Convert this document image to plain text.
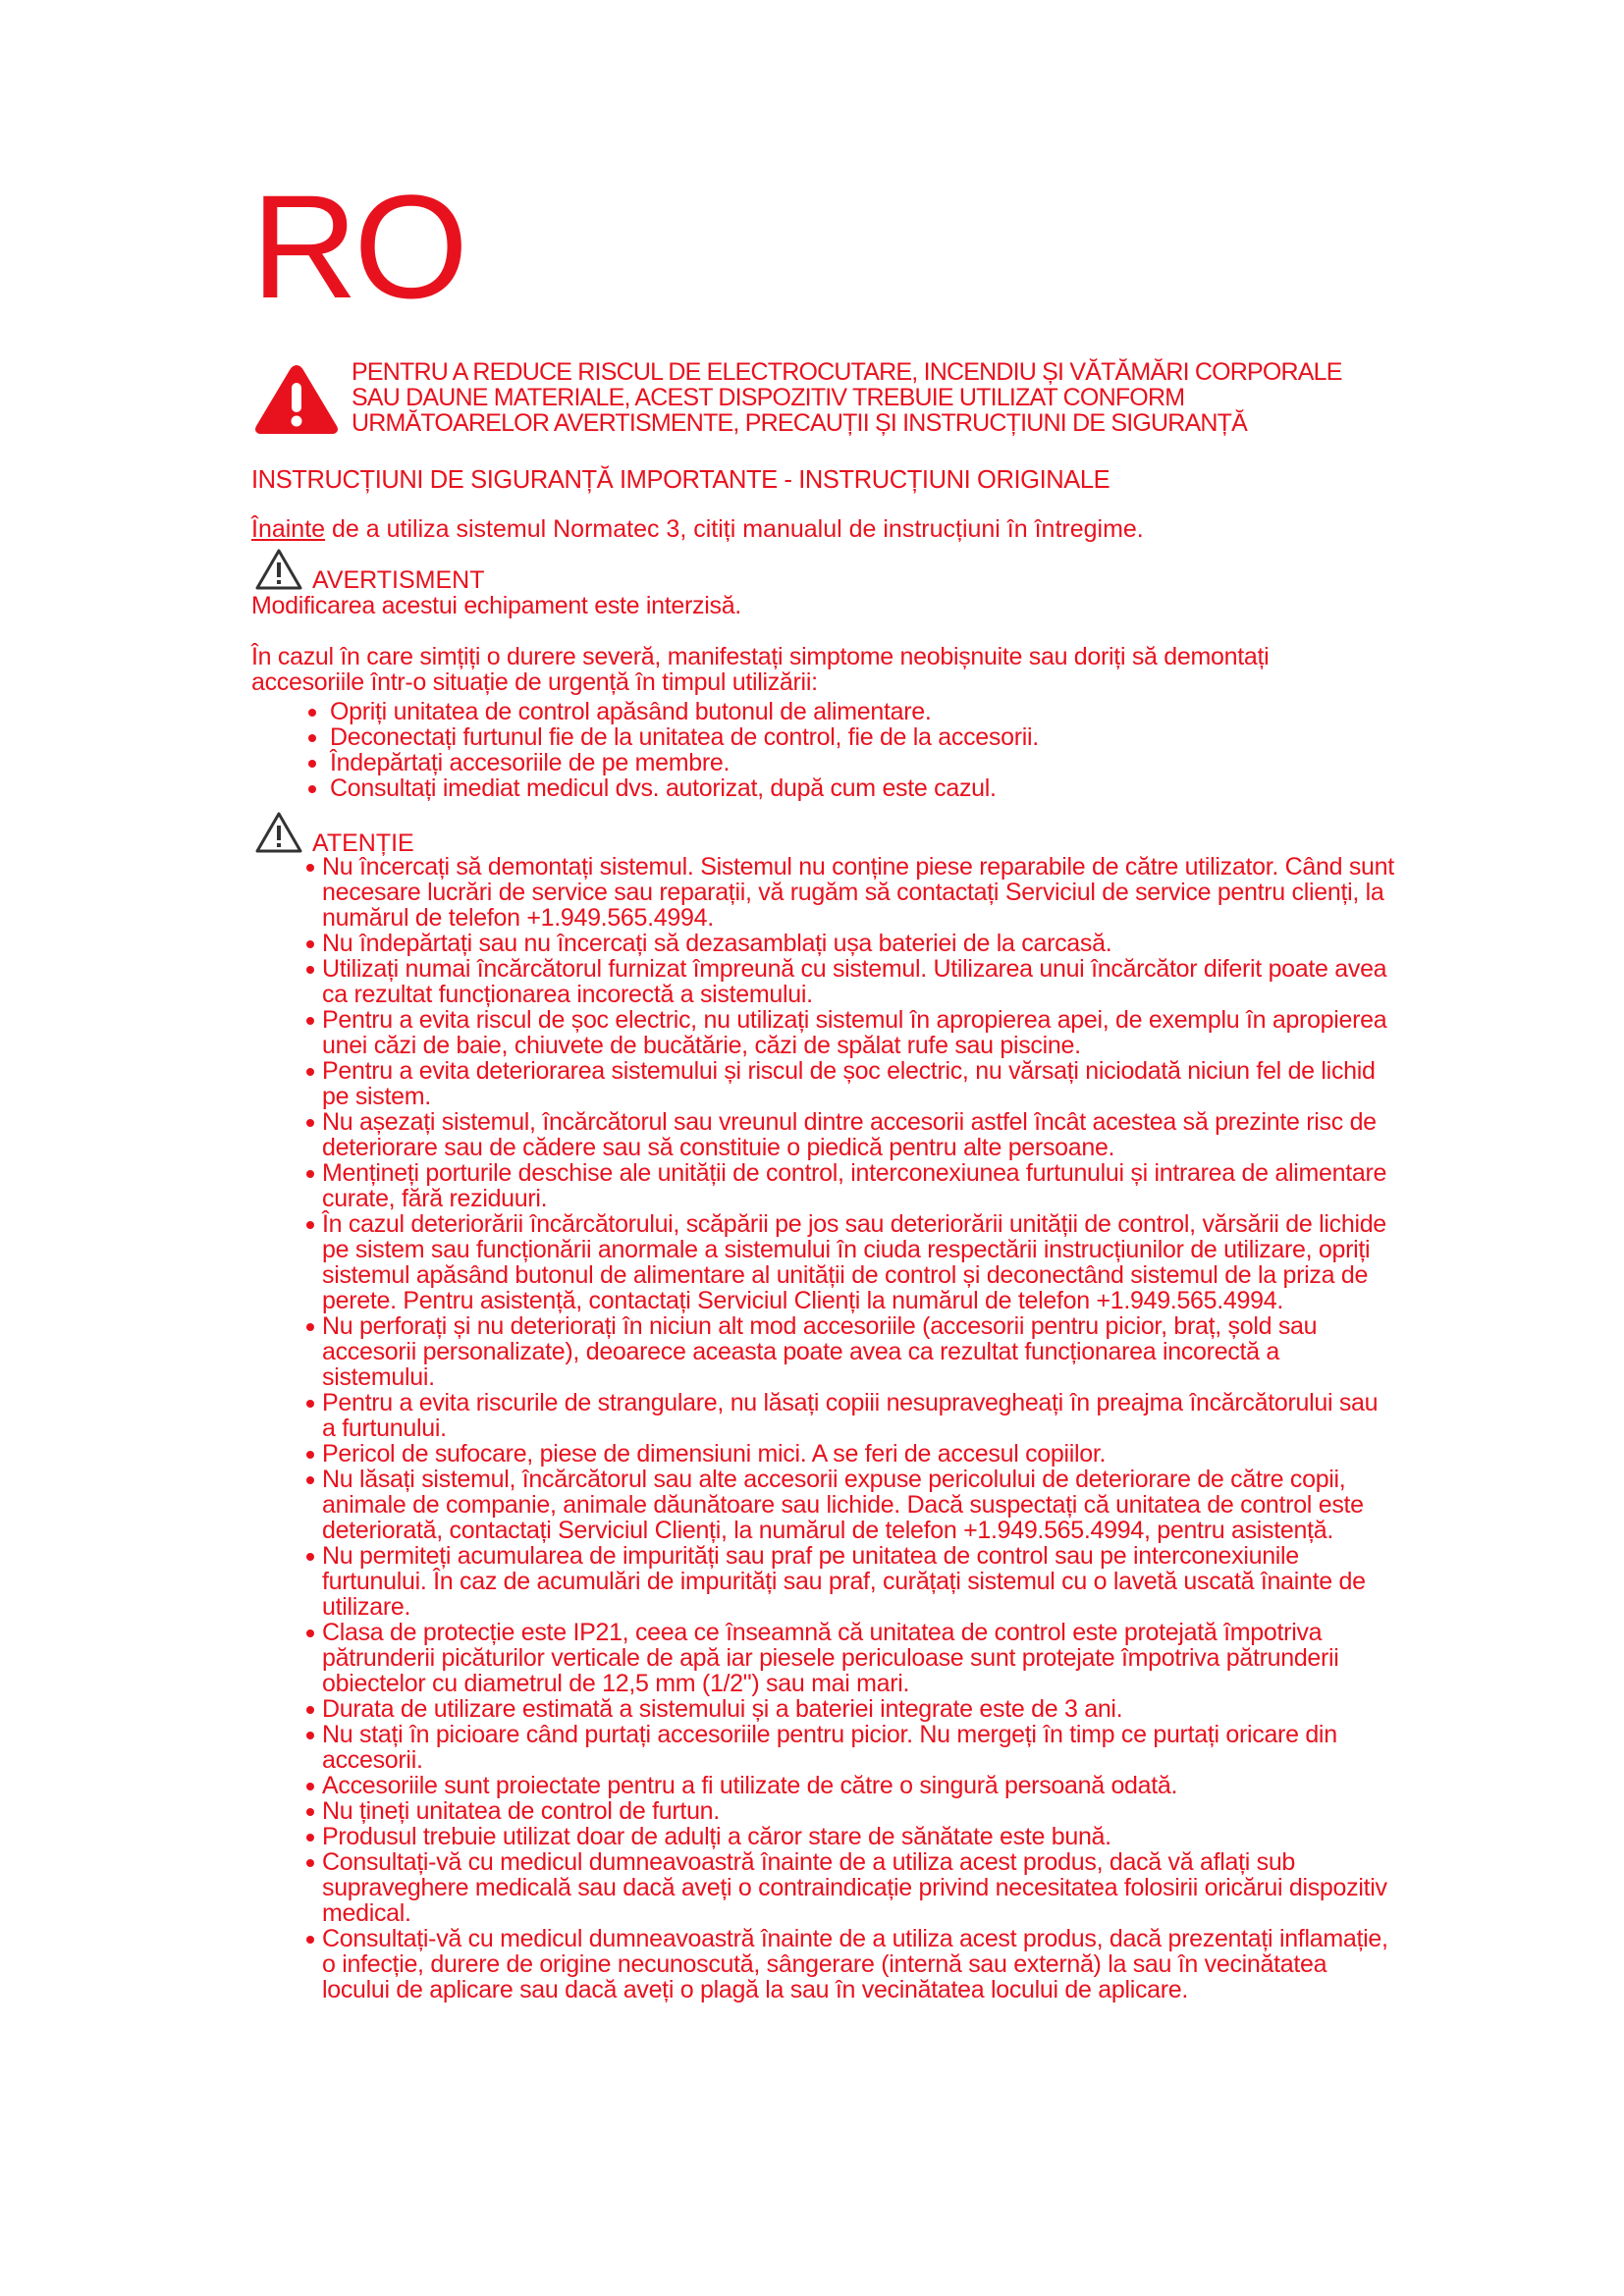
RO
PENTRU A REDUCE RISCUL DE ELECTROCUTARE, INCENDIU ȘI VĂTĂMĂRI CORPORALE
SAU DAUNE MATERIALE, ACEST DISPOZITIV TREBUIE UTILIZAT CONFORM
URMĂTOARELOR AVERTISMENTE, PRECAUȚII ȘI INSTRUCȚIUNI DE SIGURANȚĂ
INSTRUCȚIUNI DE SIGURANȚĂ IMPORTANTE - INSTRUCȚIUNI ORIGINALE
Înainte de a utiliza sistemul Normatec 3, citiți manualul de instrucțiuni în întregime.
AVERTISMENT
Modificarea acestui echipament este interzisă.
În cazul în care simțiți o durere severă, manifestați simptome neobișnuite sau doriți să demontați accesoriile într-o situație de urgență în timpul utilizării:
Opriți unitatea de control apăsând butonul de alimentare.
Deconectați furtunul fie de la unitatea de control, fie de la accesorii.
Îndepărtați accesoriile de pe membre.
Consultați imediat medicul dvs. autorizat, după cum este cazul.
ATENȚIE
Nu încercați să demontați sistemul. Sistemul nu conține piese reparabile de către utilizator. Când sunt necesare lucrări de service sau reparații, vă rugăm să contactați Serviciul de service pentru clienți, la numărul de telefon +1.949.565.4994.
Nu îndepărtați sau nu încercați să dezasamblați ușa bateriei de la carcasă.
Utilizați numai încărcătorul furnizat împreună cu sistemul. Utilizarea unui încărcător diferit poate avea ca rezultat funcționarea incorectă a sistemului.
Pentru a evita riscul de șoc electric, nu utilizați sistemul în apropierea apei, de exemplu în apropierea unei căzi de baie, chiuvete de bucătărie, căzi de spălat rufe sau piscine.
Pentru a evita deteriorarea sistemului și riscul de șoc electric, nu vărsați niciodată niciun fel de lichid pe sistem.
Nu așezați sistemul, încărcătorul sau vreunul dintre accesorii astfel încât acestea să prezinte risc de deteriorare sau de cădere sau să constituie o piedică pentru alte persoane.
Mențineți porturile deschise ale unității de control, interconexiunea furtunului și intrarea de alimentare curate, fără reziduuri.
În cazul deteriorării încărcătorului, scăpării pe jos sau deteriorării unității de control, vărsării de lichide pe sistem sau funcționării anormale a sistemului în ciuda respectării instrucțiunilor de utilizare, opriți sistemul apăsând butonul de alimentare al unității de control și deconectând sistemul de la priza de perete. Pentru asistență, contactați Serviciul Clienți la numărul de telefon +1.949.565.4994.
Nu perforați și nu deteriorați în niciun alt mod accesoriile (accesorii pentru picior, braț, șold sau accesorii personalizate), deoarece aceasta poate avea ca rezultat funcționarea incorectă a sistemului.
Pentru a evita riscurile de strangulare, nu lăsați copiii nesupravegheați în preajma încărcătorului sau a furtunului.
Pericol de sufocare, piese de dimensiuni mici. A se feri de accesul copiilor.
Nu lăsați sistemul, încărcătorul sau alte accesorii expuse pericolului de deteriorare de către copii, animale de companie, animale dăunătoare sau lichide. Dacă suspectați că unitatea de control este deteriorată, contactați Serviciul Clienți, la numărul de telefon +1.949.565.4994, pentru asistență.
Nu permiteți acumularea de impurități sau praf pe unitatea de control sau pe interconexiunile furtunului. În caz de acumulări de impurități sau praf, curățați sistemul cu o lavetă uscată înainte de utilizare.
Clasa de protecție este IP21, ceea ce înseamnă că unitatea de control este protejată împotriva pătrunderii picăturilor verticale de apă iar piesele periculoase sunt protejate împotriva pătrunderii obiectelor cu diametrul de 12,5 mm (1/2") sau mai mari.
Durata de utilizare estimată a sistemului și a bateriei integrate este de 3 ani.
Nu stați în picioare când purtați accesoriile pentru picior. Nu mergeți în timp ce purtați oricare din accesorii.
Accesoriile sunt proiectate pentru a fi utilizate de către o singură persoană odată.
Nu țineți unitatea de control de furtun.
Produsul trebuie utilizat doar de adulți a căror stare de sănătate este bună.
Consultați-vă cu medicul dumneavoastră înainte de a utiliza acest produs, dacă vă aflați sub supraveghere medicală sau dacă aveți o contraindicație privind necesitatea folosirii oricărui dispozitiv medical.
Consultați-vă cu medicul dumneavoastră înainte de a utiliza acest produs, dacă prezentați inflamație, o infecție, durere de origine necunoscută, sângerare (internă sau externă) la sau în vecinătatea locului de aplicare sau dacă aveți o plagă la sau în vecinătatea locului de aplicare.
